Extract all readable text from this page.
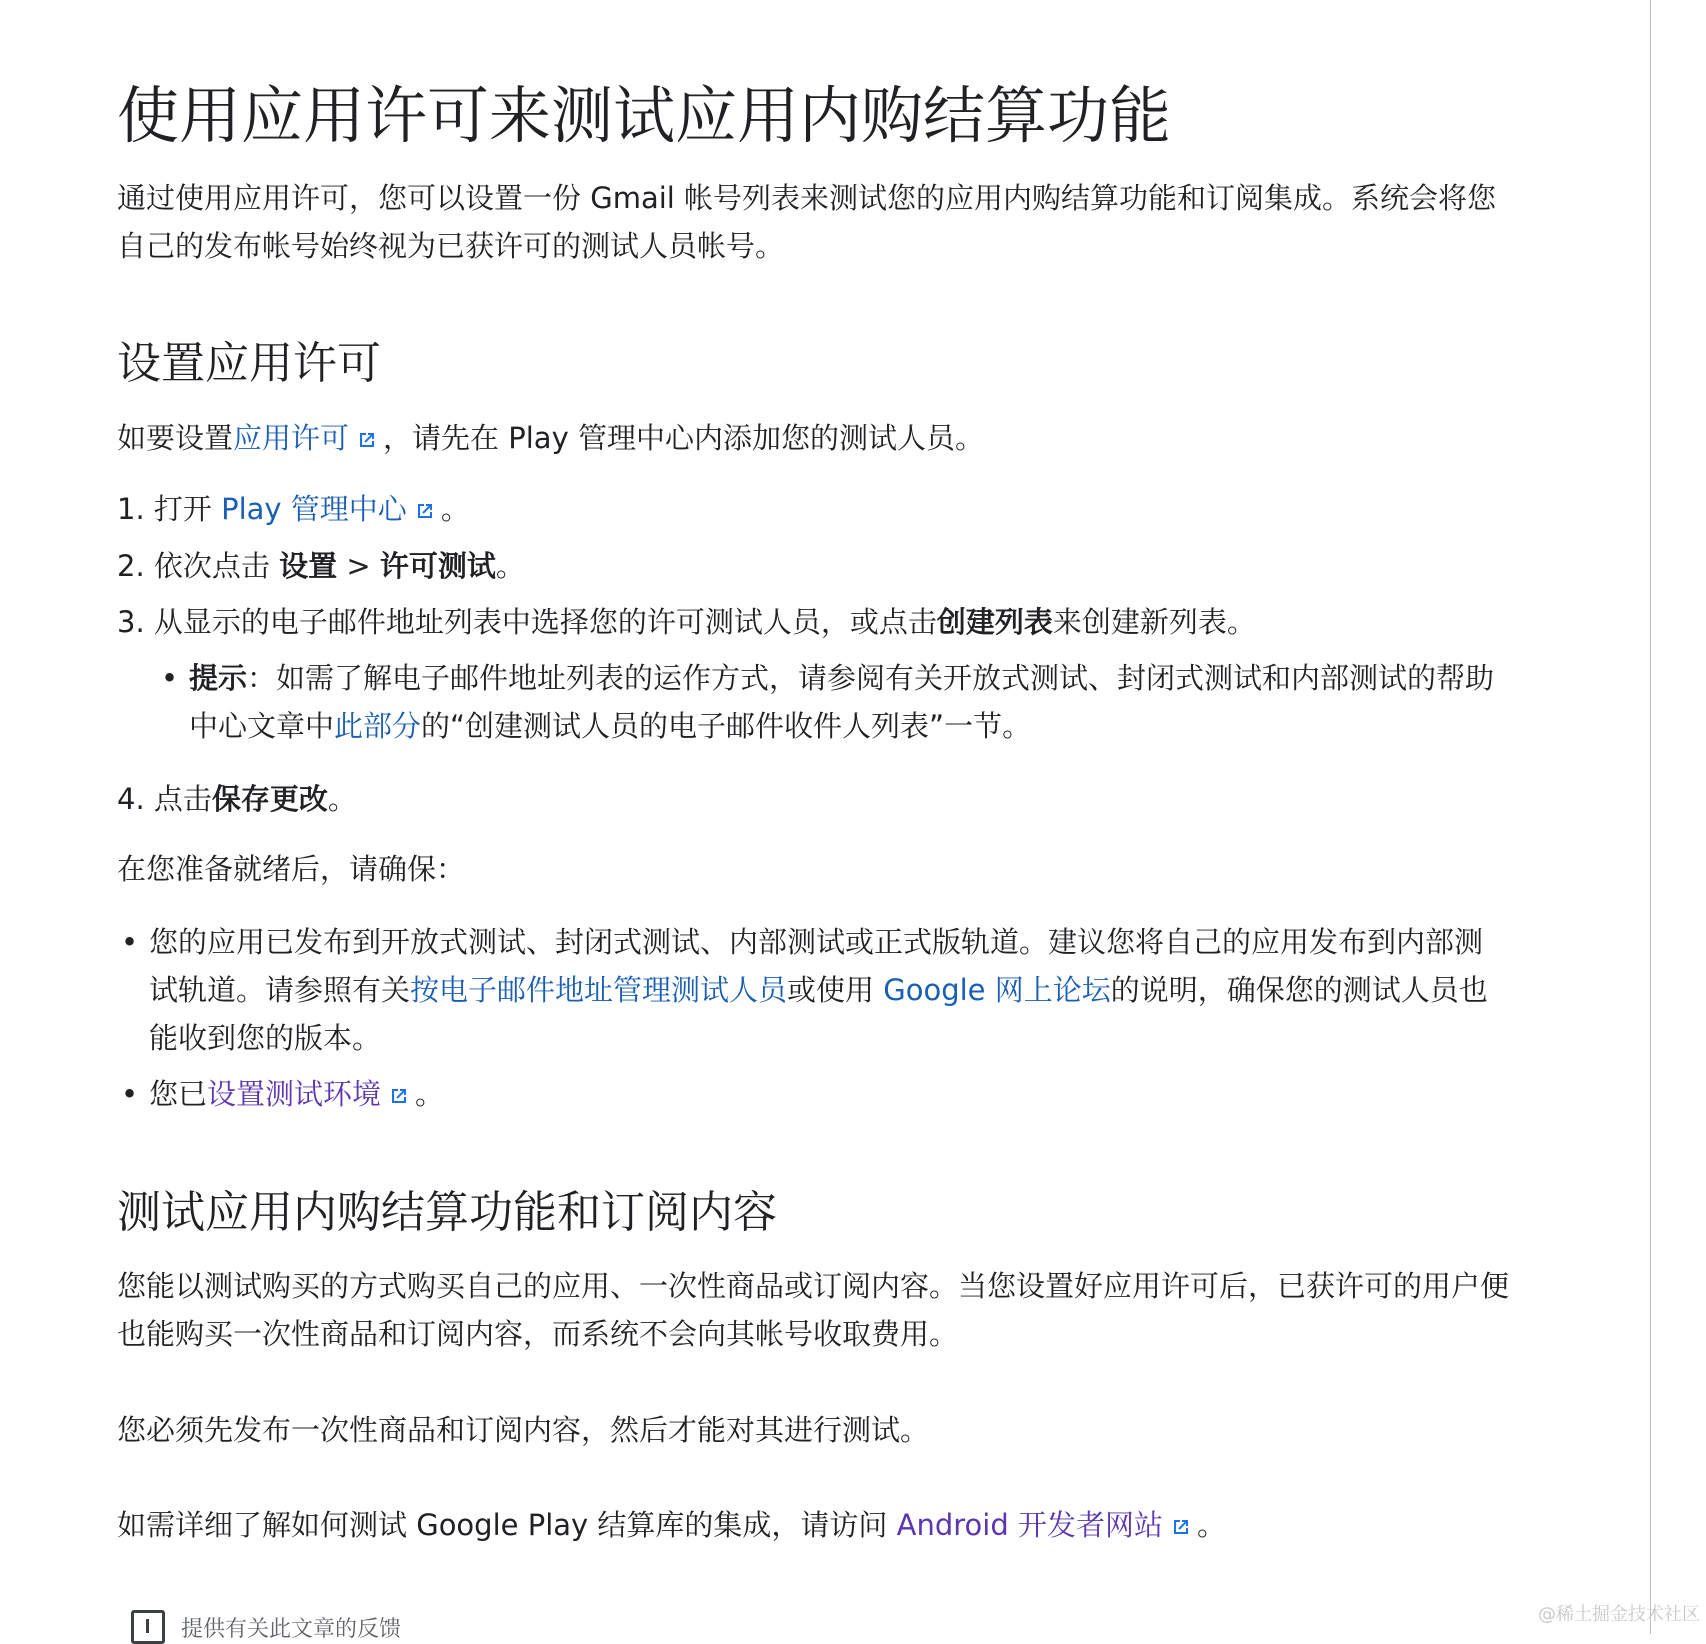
使用应用许可来测试应用内购结算功能
通过使用应用许可，您可以设置一份 Gmail 帐号列表来测试您的应用内购结算功能和订阅集成。系统会将您自己的发布帐号始终视为已获许可的测试人员帐号。
设置应用许可
如要设置应用许可 ，请先在 Play 管理中心内添加您的测试人员。
1. 打开 Play 管理中心 。
2. 依次点击 设置 > 许可测试。
3. 从显示的电子邮件地址列表中选择您的许可测试人员，或点击创建列表来创建新列表。
• 提示：如需了解电子邮件地址列表的运作方式，请参阅有关开放式测试、封闭式测试和内部测试的帮助中心文章中此部分的“创建测试人员的电子邮件收件人列表”一节。
4. 点击保存更改。
在您准备就绪后，请确保：
• 您的应用已发布到开放式测试、封闭式测试、内部测试或正式版轨道。建议您将自己的应用发布到内部测试轨道。请参照有关按电子邮件地址管理测试人员或使用 Google 网上论坛的说明，确保您的测试人员也能收到您的版本。
• 您已设置测试环境 。
测试应用内购结算功能和订阅内容
您能以测试购买的方式购买自己的应用、一次性商品或订阅内容。当您设置好应用许可后，已获许可的用户便也能购买一次性商品和订阅内容，而系统不会向其帐号收取费用。
您必须先发布一次性商品和订阅内容，然后才能对其进行测试。
如需详细了解如何测试 Google Play 结算库的集成，请访问 Android 开发者网站 。
提供有关此文章的反馈
@稀土掘金技术社区
